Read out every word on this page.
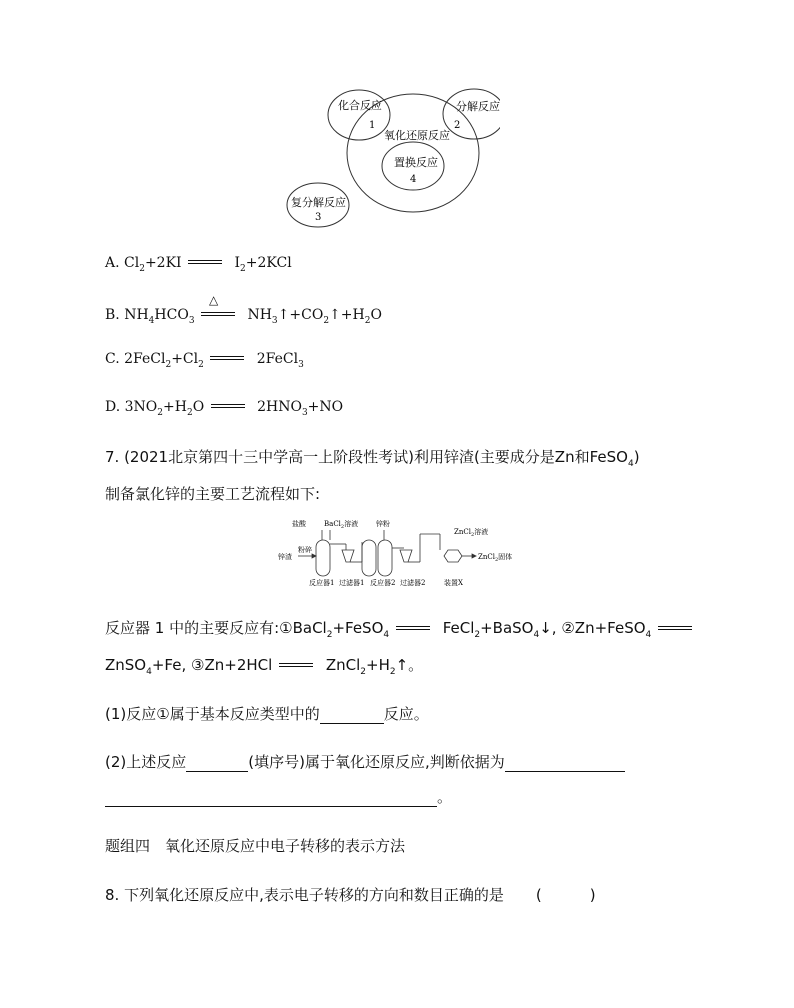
化合反应
1
分解反应
2
氧化还原反应
置换反应
4
复分解反应
3
A. $Cl_2+2KI$	$I_2+2KCl$
B. $NH_4HCO_3$
△
$NH_3↑+CO_2↑+H_2O$
C. $2FeCl_2+Cl_2$	2FeCl$_3$
D. $3NO_2+H_2O$	$2HNO_3+NO$
7. (2021北京第四十三中学高一上阶段性考试)利用锌渣(主要成分是Zn和FeSO$_4$)
制备氯化锌的主要工艺流程如下:
盐酸	BaCl$_2$溶液	锌粉
ZnCl$_2$溶液
锌渣
粉碎
ZnCl$_2$固体
反应器1 过滤器1 反应器2 过滤器2	装置X
反应器 1 中的主要反应有:①BaCl$_2$+FeSO$_4$	FeCl$_2$+BaSO$_4$↓, ②Zn+FeSO$_4$
ZnSO$_4$+Fe, ③Zn+2HCl	$ZnCl_2+H_2↑$。
(1)反应①属于基本反应类型中的	反应。
(2)上述反应	(填序号)属于氧化还原反应,判断依据为
。
题组四　氧化还原反应中电子转移的表示方法
8. 下列氧化还原反应中,表示电子转移的方向和数目正确的是 (	)
